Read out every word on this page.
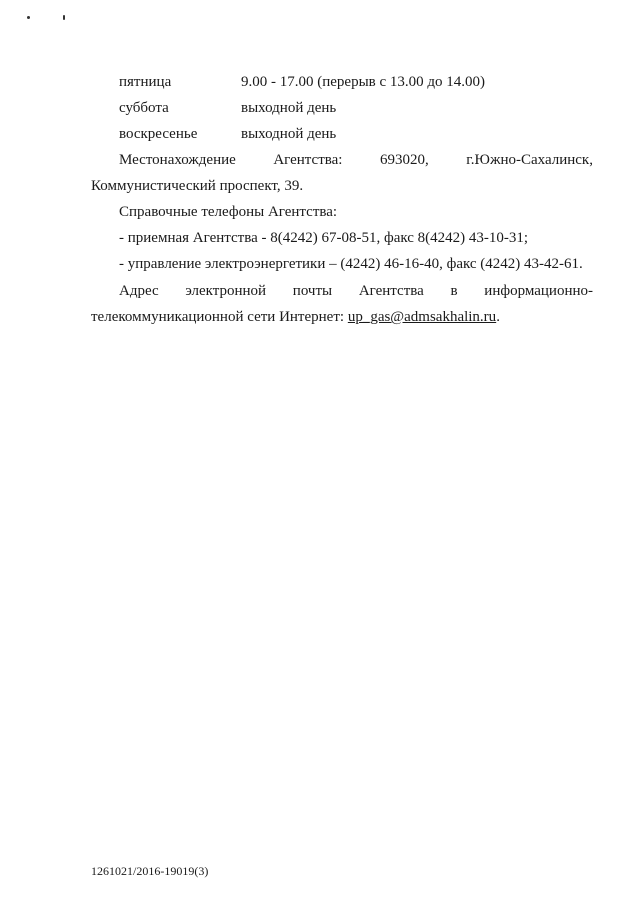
пятница	9.00 - 17.00 (перерыв с 13.00 до 14.00)
суббота	выходной день
воскресенье	выходной день
Местонахождение	Агентства:	693020,	г.Южно-Сахалинск,
Коммунистический проспект, 39.
Справочные телефоны Агентства:
- приемная Агентства - 8(4242) 67-08-51, факс 8(4242) 43-10-31;
- управление электроэнергетики – (4242) 46-16-40, факс (4242) 43-42-61.
Адрес электронной почты Агентства в информационно-
телекоммуникационной сети Интернет: up_gas@admsakhalin.ru.
1261021/2016-19019(3)
